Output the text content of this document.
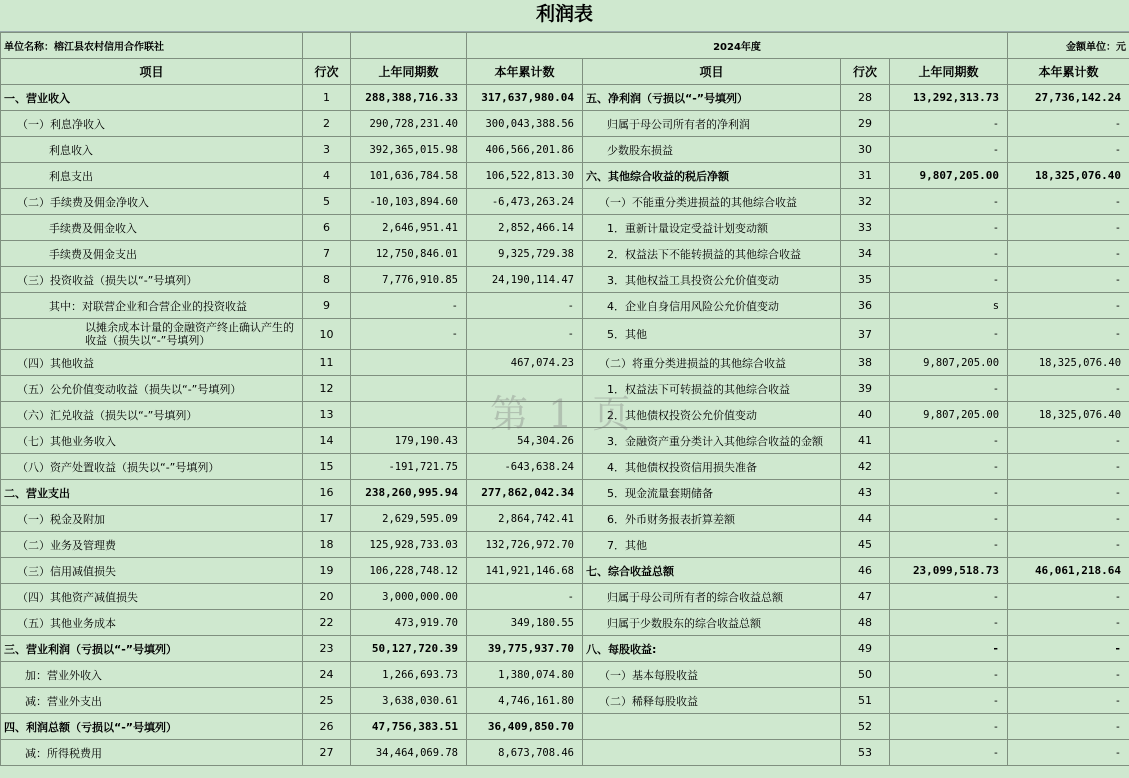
利润表
单位名称：榕江县农村信用合作联社			2024年度				金额单位：元
项目	行次	上年同期数	本年累计数	项目	行次	上年同期数	本年累计数
一、营业收入	1	288,388,716.33	317,637,980.04	五、净利润（亏损以“-”号填列）	28	13,292,313.73	27,736,142.24
（一）利息净收入	2	290,728,231.40	300,043,388.56	归属于母公司所有者的净利润	29	-	-
利息收入	3	392,365,015.98	406,566,201.86	少数股东损益	30	-	-
利息支出	4	101,636,784.58	106,522,813.30	六、其他综合收益的税后净额	31	9,807,205.00	18,325,076.40
（二）手续费及佣金净收入	5	-10,103,894.60	-6,473,263.24	（一）不能重分类进损益的其他综合收益	32	-	-
手续费及佣金收入	6	2,646,951.41	2,852,466.14	1．重新计量设定受益计划变动额	33	-	-
手续费及佣金支出	7	12,750,846.01	9,325,729.38	2．权益法下不能转损益的其他综合收益	34	-	-
（三）投资收益（损失以“-”号填列）	8	7,776,910.85	24,190,114.47	3．其他权益工具投资公允价值变动	35	-	-
其中：对联营企业和合营企业的投资收益	9	-	-	4．企业自身信用风险公允价值变动	36	s	-
以摊余成本计量的金融资产终止确认产生的收益（损失以“-”号填列）	10	-	-	5．其他	37	-	-
（四）其他收益	11		467,074.23	（二）将重分类进损益的其他综合收益	38	9,807,205.00	18,325,076.40
（五）公允价值变动收益（损失以“-”号填列）	12			1．权益法下可转损益的其他综合收益	39	-	-
（六）汇兑收益（损失以“-”号填列）	13			2．其他债权投资公允价值变动	40	9,807,205.00	18,325,076.40
（七）其他业务收入	14	179,190.43	54,304.26	3．金融资产重分类计入其他综合收益的金额	41	-	-
（八）资产处置收益（损失以“-”号填列）	15	-191,721.75	-643,638.24	4．其他债权投资信用损失准备	42	-	-
二、营业支出	16	238,260,995.94	277,862,042.34	5．现金流量套期储备	43	-	-
（一）税金及附加	17	2,629,595.09	2,864,742.41	6．外币财务报表折算差额	44	-	-
（二）业务及管理费	18	125,928,733.03	132,726,972.70	7．其他	45	-	-
（三）信用减值损失	19	106,228,748.12	141,921,146.68	七、综合收益总额	46	23,099,518.73	46,061,218.64
（四）其他资产减值损失	20	3,000,000.00	-	归属于母公司所有者的综合收益总额	47	-	-
（五）其他业务成本	22	473,919.70	349,180.55	归属于少数股东的综合收益总额	48	-	-
三、营业利润（亏损以“-”号填列）	23	50,127,720.39	39,775,937.70	八、每股收益:	49	-	-
加：营业外收入	24	1,266,693.73	1,380,074.80	（一）基本每股收益	50	-	-
减：营业外支出	25	3,638,030.61	4,746,161.80	（二）稀释每股收益	51	-	-
四、利润总额（亏损以“-”号填列）	26	47,756,383.51	36,409,850.70		52	-	-
减：所得税费用	27	34,464,069.78	8,673,708.46		53	-	-
第 1 页
